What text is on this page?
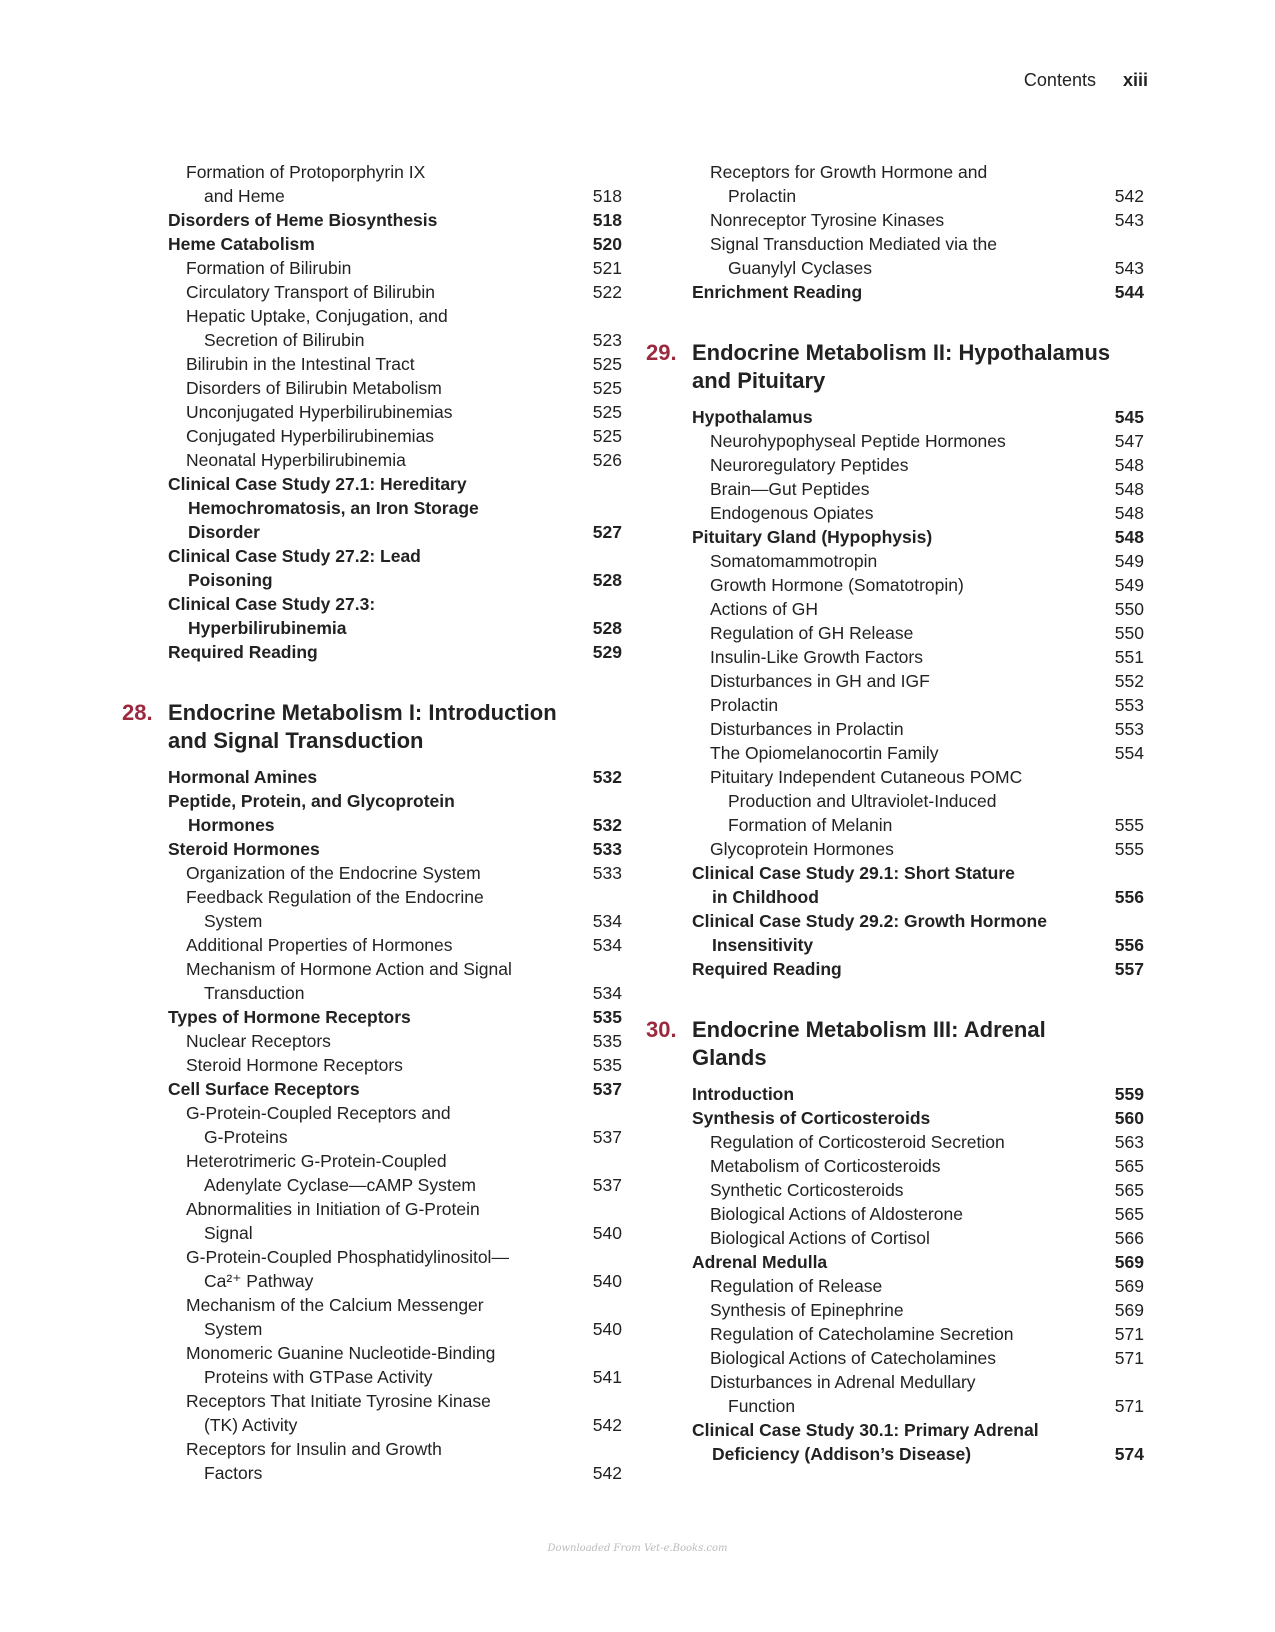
Contents xiii
Formation of Protoporphyrin IX
and Heme	518
Disorders of Heme Biosynthesis	518
Heme Catabolism	520
Formation of Bilirubin	521
Circulatory Transport of Bilirubin	522
Hepatic Uptake, Conjugation, and
Secretion of Bilirubin	523
Bilirubin in the Intestinal Tract	525
Disorders of Bilirubin Metabolism	525
Unconjugated Hyperbilirubinemias	525
Conjugated Hyperbilirubinemias	525
Neonatal Hyperbilirubinemia	526
Clinical Case Study 27.1: Hereditary
Hemochromatosis, an Iron Storage
Disorder	527
Clinical Case Study 27.2: Lead
Poisoning	528
Clinical Case Study 27.3:
Hyperbilirubinemia	528
Required Reading	529
28. Endocrine Metabolism I: Introduction
and Signal Transduction
Hormonal Amines	532
Peptide, Protein, and Glycoprotein
Hormones	532
Steroid Hormones	533
Organization of the Endocrine System	533
Feedback Regulation of the Endocrine
System	534
Additional Properties of Hormones	534
Mechanism of Hormone Action and Signal
Transduction	534
Types of Hormone Receptors	535
Nuclear Receptors	535
Steroid Hormone Receptors	535
Cell Surface Receptors	537
G-Protein-Coupled Receptors and
G-Proteins	537
Heterotrimeric G-Protein-Coupled
Adenylate Cyclase—cAMP System	537
Abnormalities in Initiation of G-Protein
Signal	540
G-Protein-Coupled Phosphatidylinositol—
Ca²⁺ Pathway	540
Mechanism of the Calcium Messenger
System	540
Monomeric Guanine Nucleotide-Binding
Proteins with GTPase Activity	541
Receptors That Initiate Tyrosine Kinase
(TK) Activity	542
Receptors for Insulin and Growth
Factors	542
Receptors for Growth Hormone and
Prolactin	542
Nonreceptor Tyrosine Kinases	543
Signal Transduction Mediated via the
Guanylyl Cyclases	543
Enrichment Reading	544
29. Endocrine Metabolism II: Hypothalamus
and Pituitary
Hypothalamus	545
Neurohypophyseal Peptide Hormones	547
Neuroregulatory Peptides	548
Brain—Gut Peptides	548
Endogenous Opiates	548
Pituitary Gland (Hypophysis)	548
Somatomammotropin	549
Growth Hormone (Somatotropin)	549
Actions of GH	550
Regulation of GH Release	550
Insulin-Like Growth Factors	551
Disturbances in GH and IGF	552
Prolactin	553
Disturbances in Prolactin	553
The Opiomelanocortin Family	554
Pituitary Independent Cutaneous POMC
Production and Ultraviolet-Induced
Formation of Melanin	555
Glycoprotein Hormones	555
Clinical Case Study 29.1: Short Stature
in Childhood	556
Clinical Case Study 29.2: Growth Hormone
Insensitivity	556
Required Reading	557
30. Endocrine Metabolism III: Adrenal
Glands
Introduction	559
Synthesis of Corticosteroids	560
Regulation of Corticosteroid Secretion	563
Metabolism of Corticosteroids	565
Synthetic Corticosteroids	565
Biological Actions of Aldosterone	565
Biological Actions of Cortisol	566
Adrenal Medulla	569
Regulation of Release	569
Synthesis of Epinephrine	569
Regulation of Catecholamine Secretion	571
Biological Actions of Catecholamines	571
Disturbances in Adrenal Medullary
Function	571
Clinical Case Study 30.1: Primary Adrenal
Deficiency (Addison’s Disease)	574
Downloaded From Vet-e.Books.com
